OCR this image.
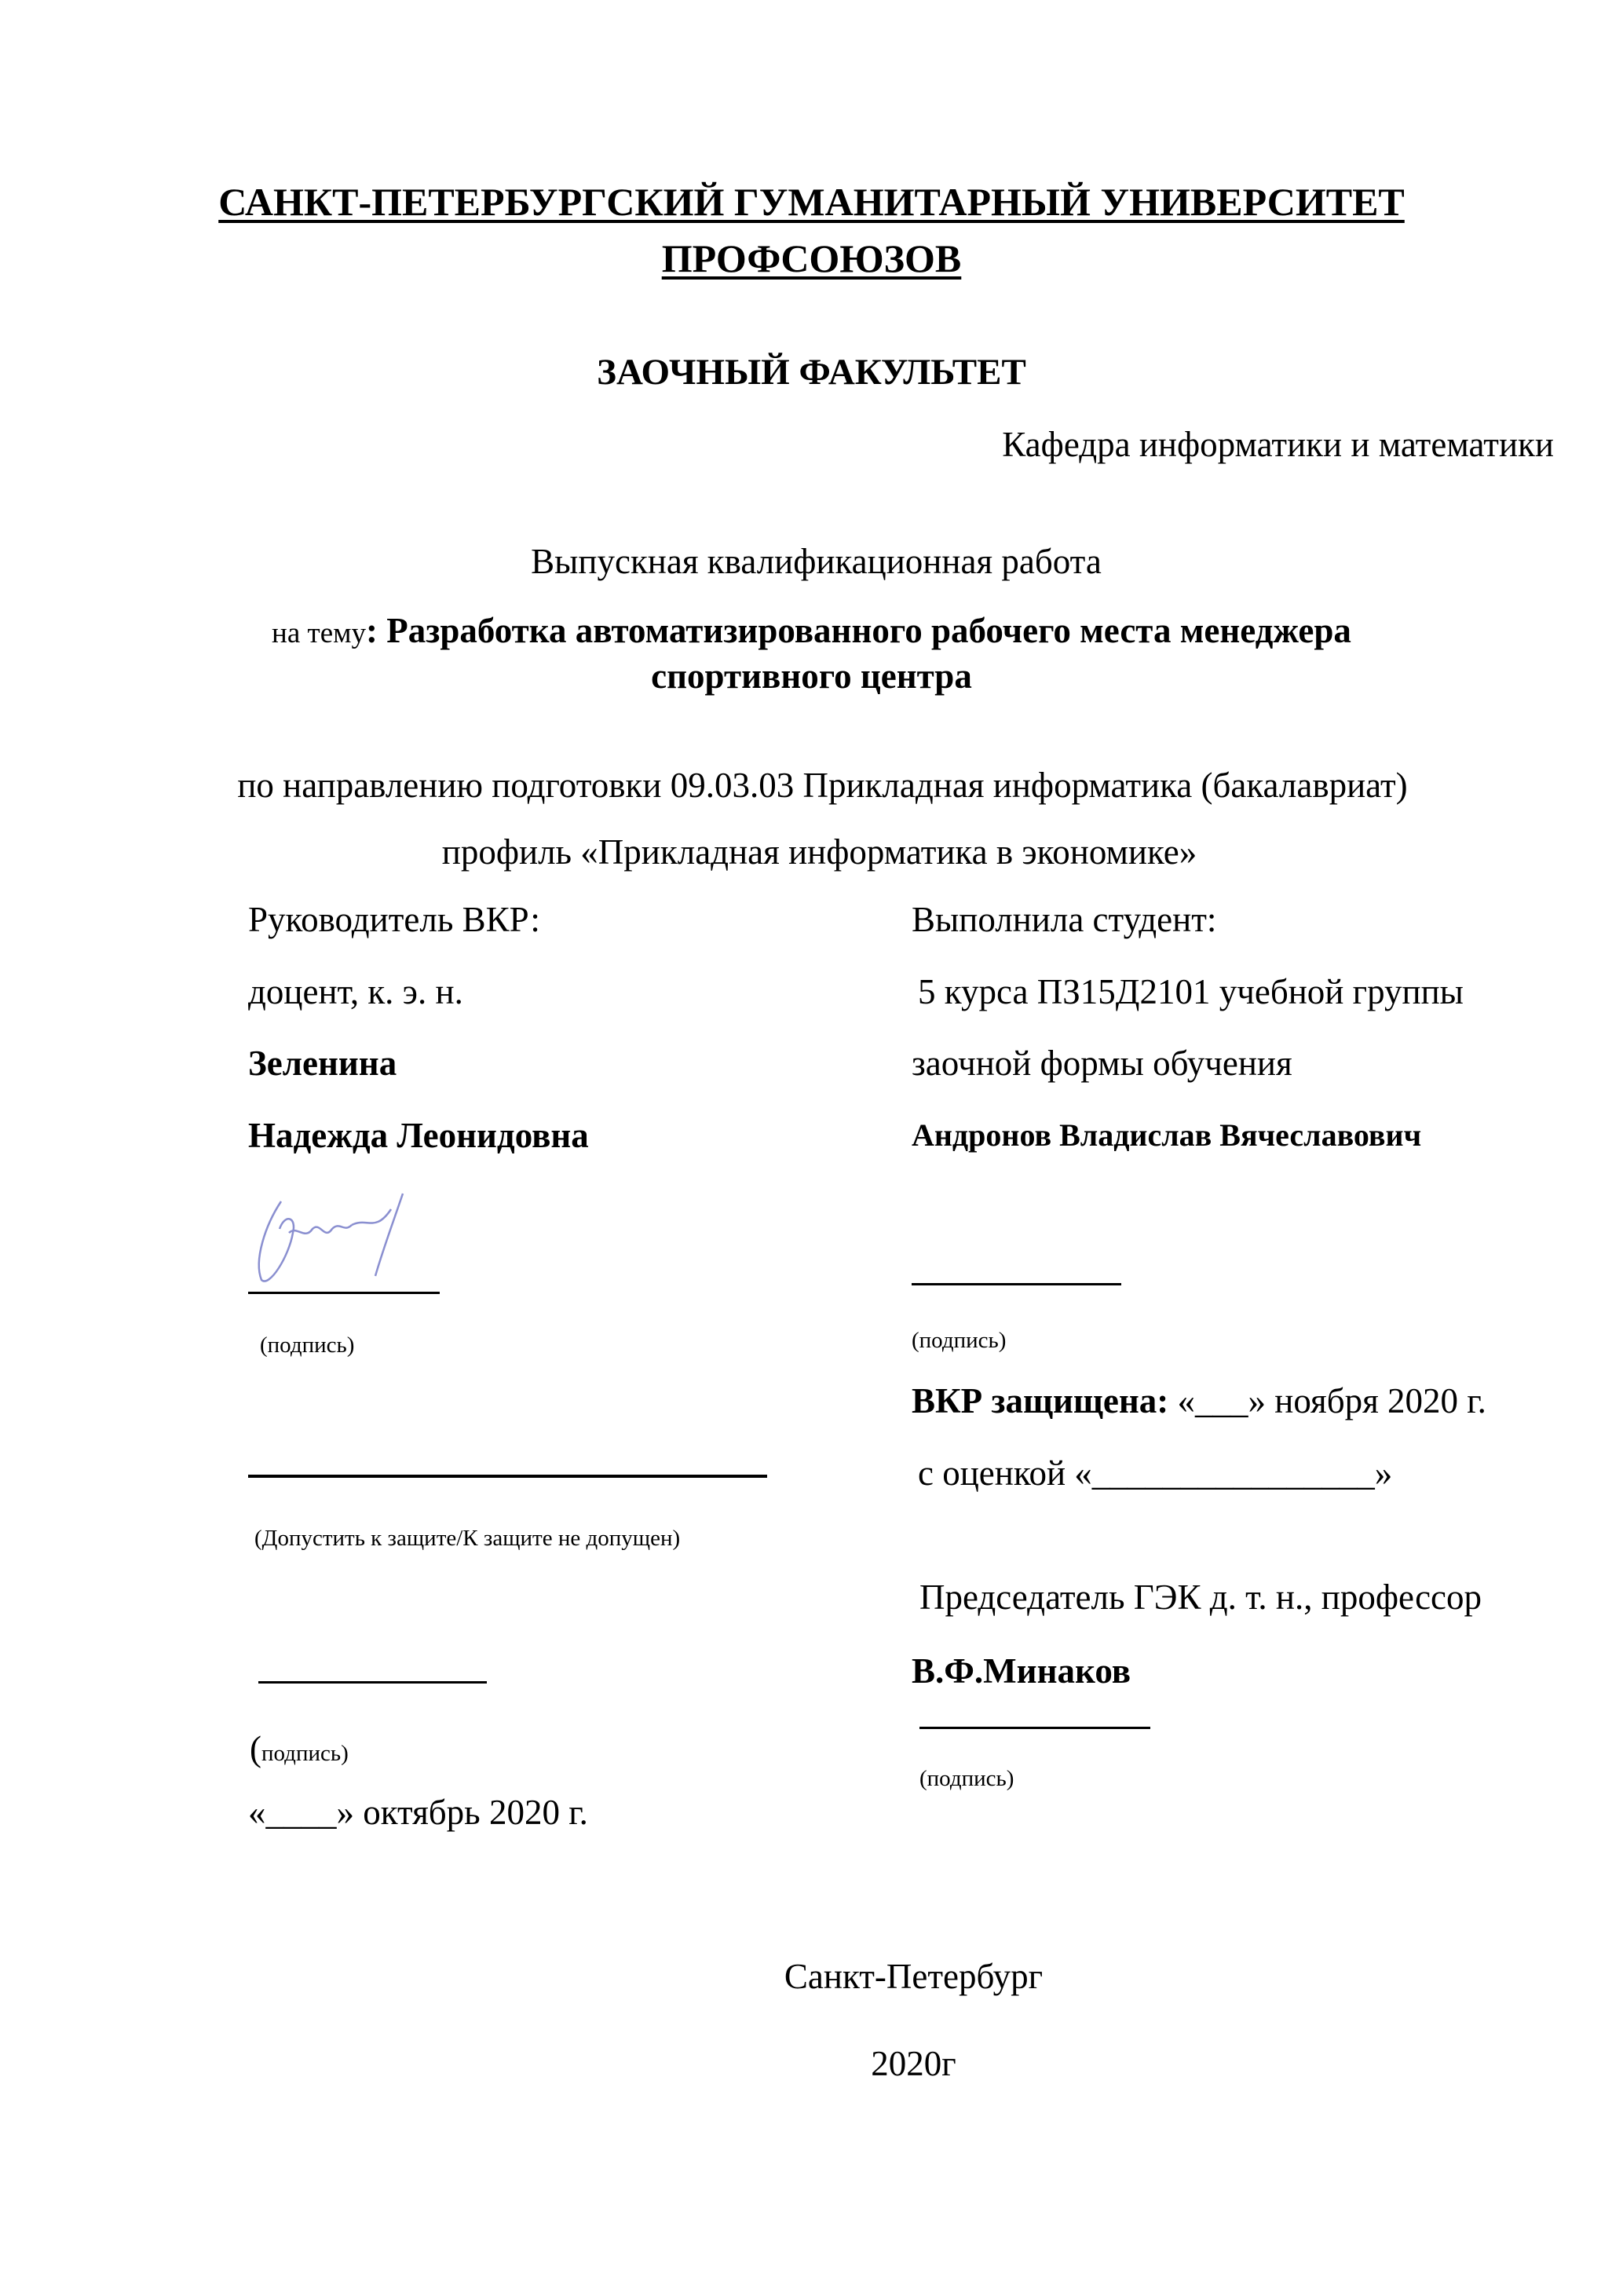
САНКТ-ПЕТЕРБУРГСКИЙ ГУМАНИТАРНЫЙ УНИВЕРСИТЕТ
ПРОФСОЮЗОВ
ЗАОЧНЫЙ ФАКУЛЬТЕТ
Кафедра информатики и математики
Выпускная квалификационная работа
на тему: Разработка автоматизированного рабочего места менеджера
спортивного центра
по направлению подготовки 09.03.03 Прикладная информатика (бакалавриат)
профиль «Прикладная информатика в экономике»
Руководитель ВКР:
доцент, к. э. н.
Зеленина
Надежда Леонидовна
(подпись)
(Допустить к защите/К защите не допущен)
(подпись)
«____» октябрь 2020 г.
Выполнила студент:
5 курса ПЗ15Д2101 учебной группы
заочной формы обучения
Андронов Владислав Вячеславович
(подпись)
ВКР защищена: «___» ноября 2020 г.
с оценкой «________________»
Председатель ГЭК д. т. н., профессор
В.Ф.Минаков
(подпись)
Санкт-Петербург
2020г
